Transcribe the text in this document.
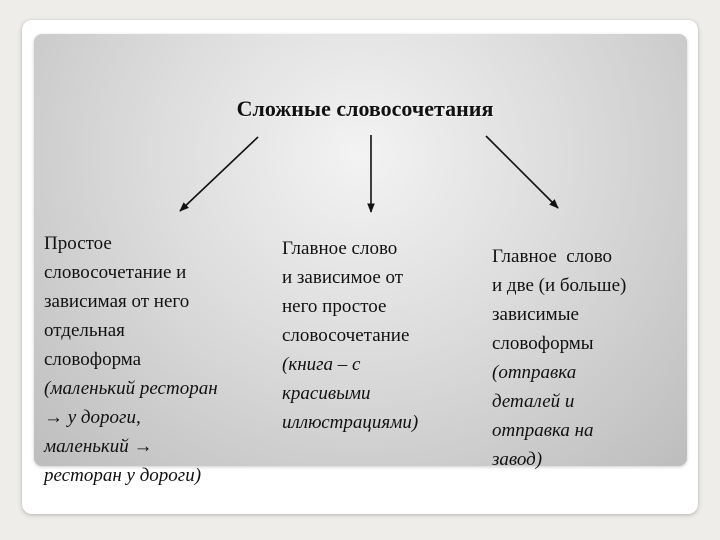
Сложные словосочетания
Простое
словосочетание и
зависимая от него
отдельная
словоформа
(маленький ресторан
→ у дороги,
маленький →
ресторан у дороги)
Главное слово
и зависимое от
него простое
словосочетание
(книга – с
красивыми
иллюстрациями)
Главное  слово
и две (и больше)
зависимые
словоформы
(отправка
деталей и
отправка на
завод)
